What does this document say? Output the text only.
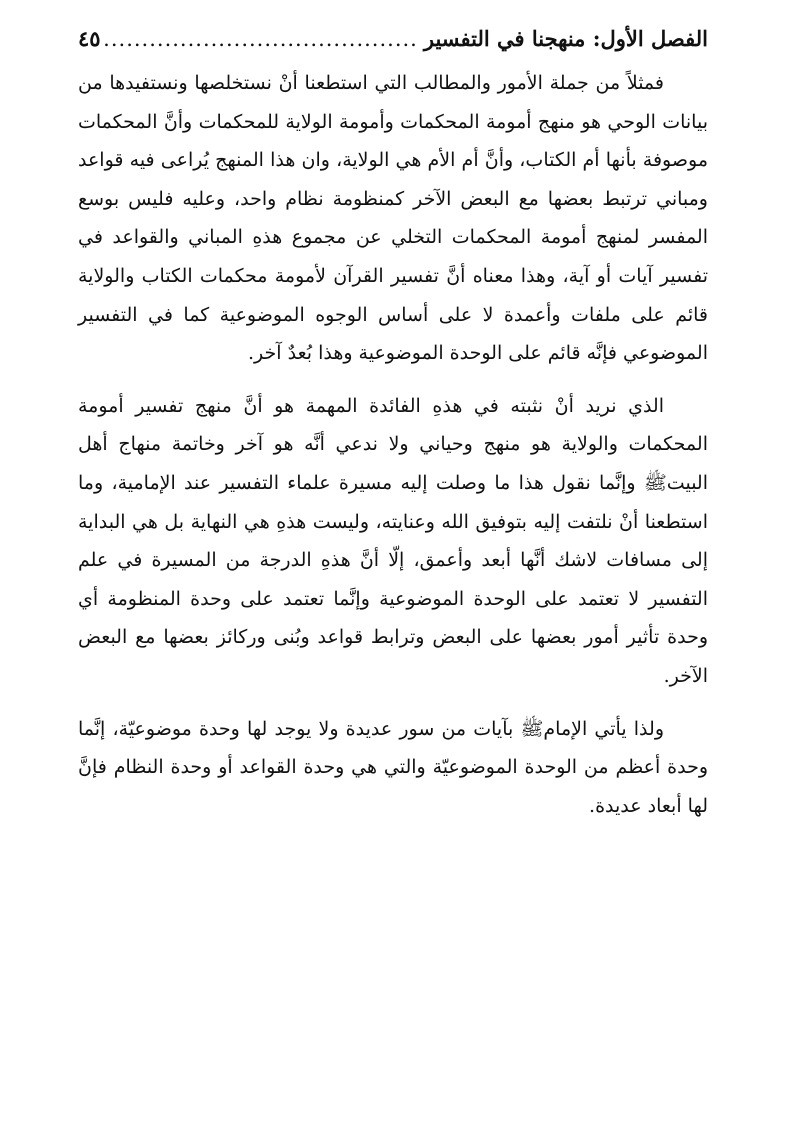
الفصل الأول: منهجنا في التفسير
.....
٤٥

فمثلاً من جملة الأمور والمطالب التي استطعنا أنْ نستخلصها ونستفيدها من بيانات الوحي هو منهج أمومة المحكمات وأمومة الولاية للمحكمات وأنَّ المحكمات موصوفة بأنها أم الكتاب، وأنَّ أم الأم هي الولاية، وان هذا المنهج يُراعى فيه قواعد ومباني ترتبط بعضها مع البعض الآخر كمنظومة نظام واحد، وعليه فليس بوسع المفسر لمنهج أمومة المحكمات التخلي عن مجموع هذهِ المباني والقواعد في تفسير آيات أو آية، وهذا معناه أنَّ تفسير القرآن لأمومة محكمات الكتاب والولاية قائم على ملفات وأعمدة لا على أساس الوجوه الموضوعية كما في التفسير الموضوعي فإنَّه قائم على الوحدة الموضوعية وهذا بُعدٌ آخر.

الذي نريد أنْ نثبته في هذهِ الفائدة المهمة هو أنَّ منهج تفسير أمومة المحكمات والولاية هو منهج وحياني ولا ندعي أنَّه هو آخر وخاتمة منهاج أهل البيتﷺ وإنَّما نقول هذا ما وصلت إليه مسيرة علماء التفسير عند الإمامية، وما استطعنا أنْ نلتفت إليه بتوفيق الله وعنايته، وليست هذهِ هي النهاية بل هي البداية إلى مسافات لاشك أنَّها أبعد وأعمق، إلّا أنَّ هذهِ الدرجة من المسيرة في علم التفسير لا تعتمد على الوحدة الموضوعية وإنَّما تعتمد على وحدة المنظومة أي وحدة تأثير أمور بعضها على البعض وترابط قواعد وبُنى وركائز بعضها مع البعض الآخر.

ولذا يأتي الإمامﷺ بآيات من سور عديدة ولا يوجد لها وحدة موضوعيّة، إنَّما وحدة أعظم من الوحدة الموضوعيّة والتي هي وحدة القواعد أو وحدة النظام فإنَّ لها أبعاد عديدة.
